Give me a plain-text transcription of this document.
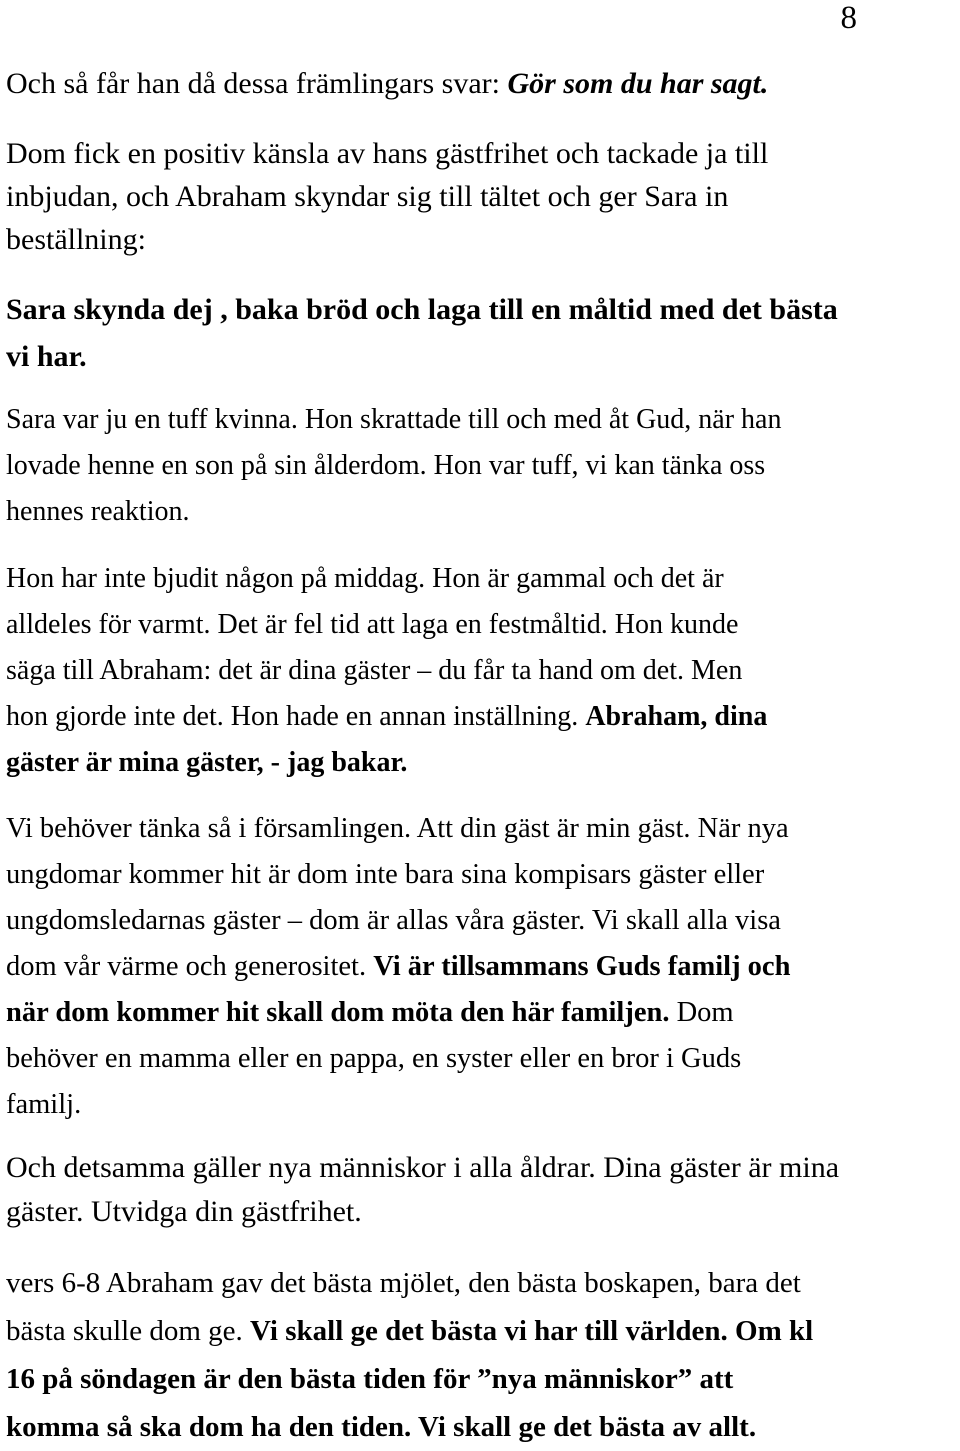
8

Och så får han då dessa främlingars svar: Gör som du har sagt.

Dom fick en positiv känsla av hans gästfrihet och tackade ja till
inbjudan, och Abraham skyndar sig till tältet och ger Sara in
beställning:

Sara skynda dej , baka bröd och laga till en måltid med det bästa
vi har.

Sara var ju en tuff kvinna. Hon skrattade till och med åt Gud, när han
lovade henne en son på sin ålderdom. Hon var tuff, vi kan tänka oss
hennes reaktion.

Hon har inte bjudit någon på middag. Hon är gammal och det är
alldeles för varmt. Det är fel tid att laga en festmåltid. Hon kunde
säga till Abraham: det är dina gäster – du får ta hand om det. Men
hon gjorde inte det. Hon hade en annan inställning. Abraham, dina
gäster är mina gäster, - jag bakar.

Vi behöver tänka så i församlingen. Att din gäst är min gäst. När nya
ungdomar kommer hit är dom inte bara sina kompisars gäster eller
ungdomsledarnas gäster – dom är allas våra gäster. Vi skall alla visa
dom vår värme och generositet. Vi är tillsammans Guds familj och
när dom kommer hit skall dom möta den här familjen. Dom
behöver en mamma eller en pappa, en syster eller en bror i Guds
familj.

Och detsamma gäller nya människor i alla åldrar. Dina gäster är mina
gäster. Utvidga din gästfrihet.

vers 6-8 Abraham gav det bästa mjölet, den bästa boskapen, bara det
bästa skulle dom ge. Vi skall ge det bästa vi har till världen. Om kl
16 på söndagen är den bästa tiden för ”nya människor” att
komma så ska dom ha den tiden. Vi skall ge det bästa av allt.
